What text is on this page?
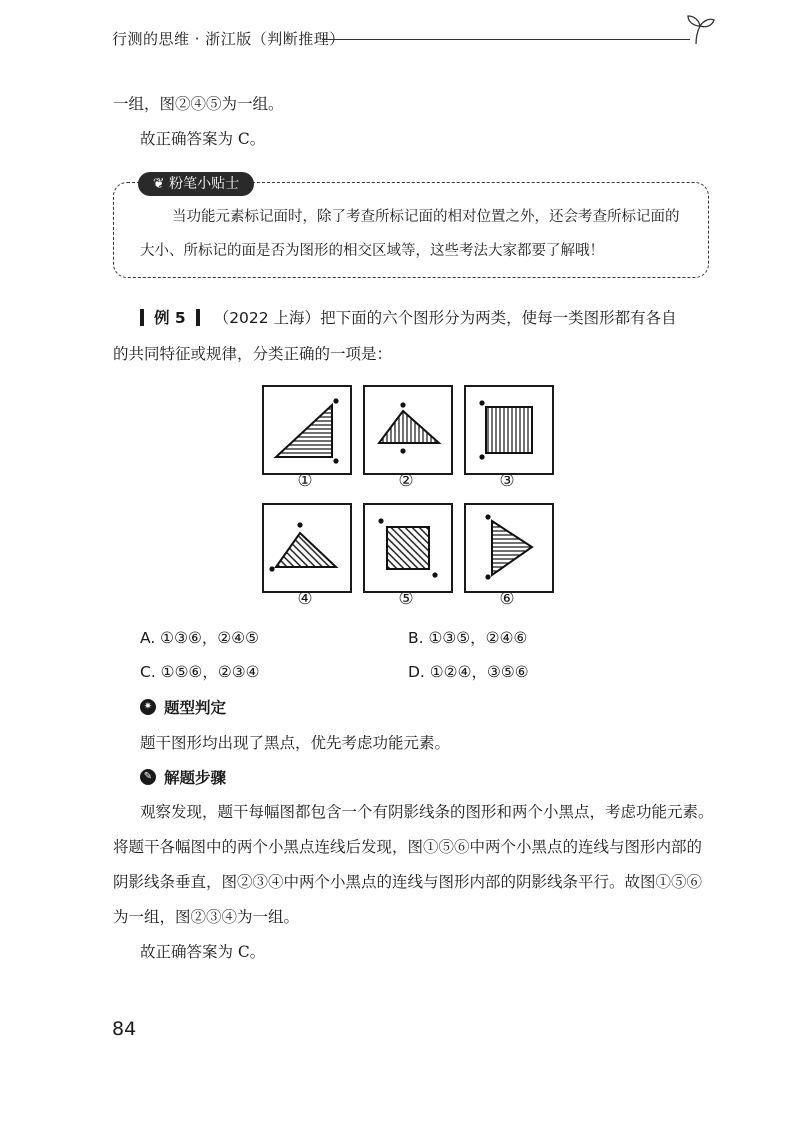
行测的思维 · 浙江版（判断推理）
一组，图②④⑤为一组。
故正确答案为 C。
❦ 粉笔小贴士
当功能元素标记面时，除了考查所标记面的相对位置之外，还会考查所标记面的
大小、所标记的面是否为图形的相交区域等，这些考法大家都要了解哦！
例 5 （2022 上海） 把下面的六个图形分为两类，使每一类图形都有各自
的共同特征或规律，分类正确的一项是：
①	②	③
④	⑤	⑥
A. ①③⑥，②④⑤	B. ①③⑤，②④⑥
C. ①⑤⑥，②③④	D. ①②④，③⑤⑥
✷ 题型判定
题干图形均出现了黑点，优先考虑功能元素。
✎ 解题步骤
观察发现，题干每幅图都包含一个有阴影线条的图形和两个小黑点，考虑功能元素。
将题干各幅图中的两个小黑点连线后发现，图①⑤⑥中两个小黑点的连线与图形内部的
阴影线条垂直，图②③④中两个小黑点的连线与图形内部的阴影线条平行。故图①⑤⑥
为一组，图②③④为一组。
故正确答案为 C。
84
